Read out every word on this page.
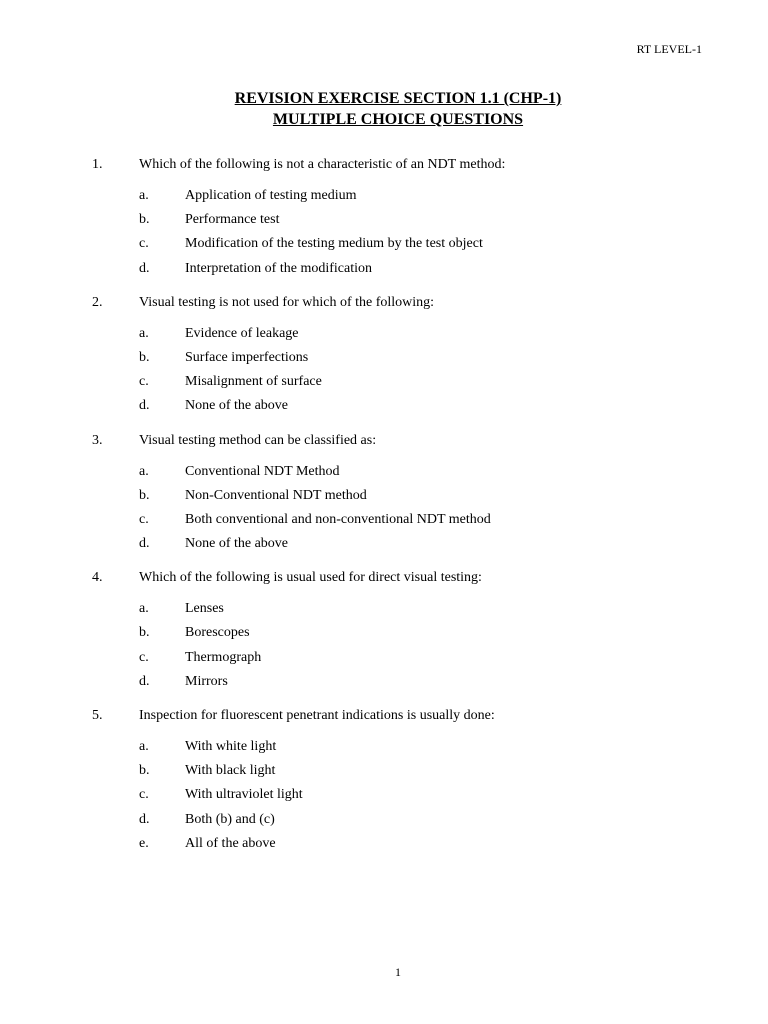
RT LEVEL-1
REVISION EXERCISE SECTION 1.1 (CHP-1)
MULTIPLE CHOICE QUESTIONS
1.	Which of the following is not a characteristic of an NDT method:
a.	Application of testing medium
b.	Performance test
c.	Modification of the testing medium by the test object
d.	Interpretation of the modification
2.	Visual testing is not used for which of the following:
a.	Evidence of leakage
b.	Surface imperfections
c.	Misalignment of surface
d.	None of the above
3.	Visual testing method can be classified as:
a.	Conventional NDT Method
b.	Non-Conventional NDT method
c.	Both conventional and non-conventional NDT method
d.	None of the above
4.	Which of the following is usual used for direct visual testing:
a.	Lenses
b.	Borescopes
c.	Thermograph
d.	Mirrors
5.	Inspection for fluorescent penetrant indications is usually done:
a.	With white light
b.	With black light
c.	With ultraviolet light
d.	Both (b) and (c)
e.	All of the above
1
